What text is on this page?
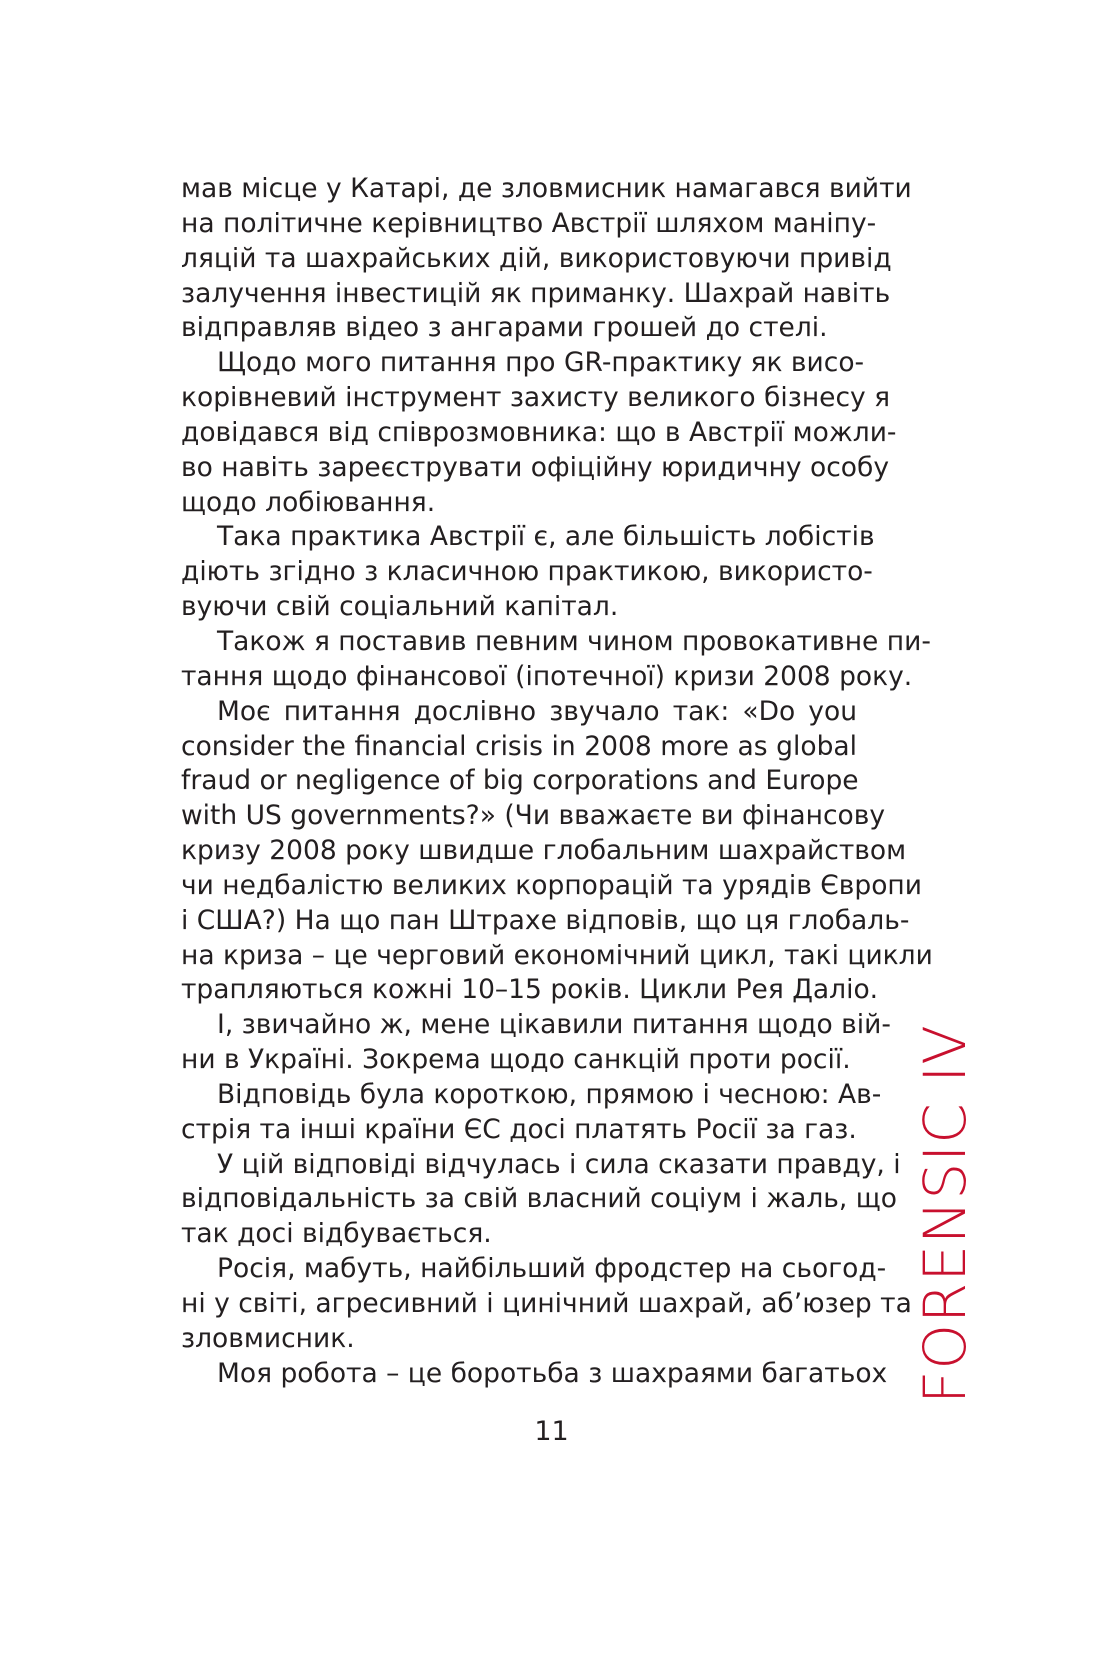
мав місце у Катарі, де зловмисник намагався вийти
на політичне керівництво Австрії шляхом маніпу-
ляцій та шахрайських дій, використовуючи привід
залучення інвестицій як приманку. Шахрай навіть
відправляв відео з ангарами грошей до стелі.
Щодо мого питання про GR-практику як висо-
корівневий інструмент захисту великого бізнесу я
довідався від співрозмовника: що в Австрії можли-
во навіть зареєструвати офіційну юридичну особу
щодо лобіювання.
Така практика Австрії є, але більшість лобістів
діють згідно з класичною практикою, використо-
вуючи свій соціальний капітал.
Також я поставив певним чином провокативне пи-
тання щодо фінансової (іпотечної) кризи 2008 року.
Моє питання дослівно звучало так: «Do you
consider the financial crisis in 2008 more as global
fraud or negligence of big corporations and Europe
with US governments?» (Чи вважаєте ви фінансову
кризу 2008 року швидше глобальним шахрайством
чи недбалістю великих корпорацій та урядів Європи
і США?) На що пан Штрахе відповів, що ця глобаль-
на криза – це черговий економічний цикл, такі цикли
трапляються кожні 10–15 років. Цикли Рея Даліо.
І, звичайно ж, мене цікавили питання щодо вій-
ни в Україні. Зокрема щодо санкцій проти росії.
Відповідь була короткою, прямою і чесною: Ав-
стрія та інші країни ЄС досі платять Росії за газ.
У цій відповіді відчулась і сила сказати правду, і
відповідальність за свій власний соціум і жаль, що
так досі відбувається.
Росія, мабуть, найбільший фродстер на сьогод-
ні у світі, агресивний і цинічний шахрай, аб’юзер та
зловмисник.
Моя робота – це боротьба з шахраями багатьох
11
FORENSIC IV
